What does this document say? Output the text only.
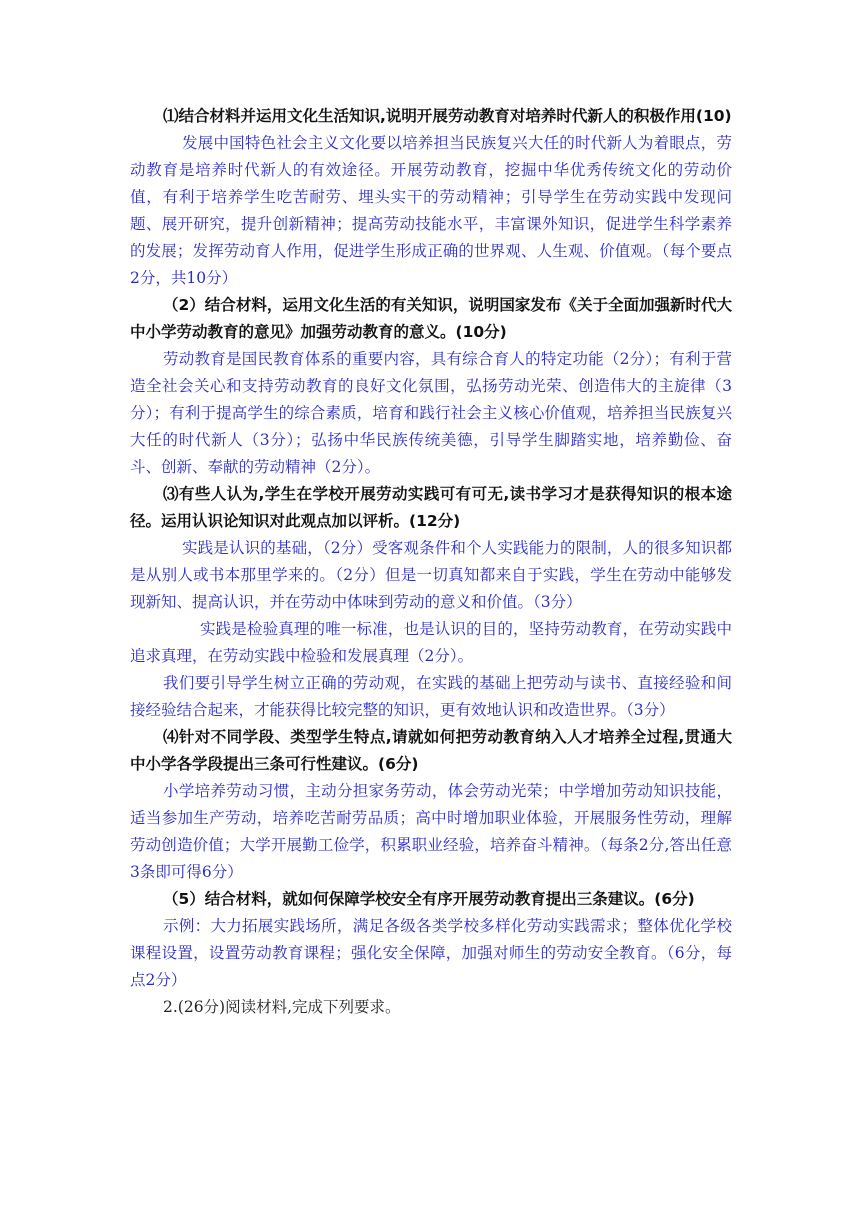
⑴结合材料并运用文化生活知识,说明开展劳动教育对培养时代新人的积极作用(10)

发展中国特色社会主义文化要以培养担当民族复兴大任的时代新人为着眼点，劳动教育是培养时代新人的有效途径。开展劳动教育，挖掘中华优秀传统文化的劳动价值，有利于培养学生吃苦耐劳、埋头实干的劳动精神；引导学生在劳动实践中发现问题、展开研究，提升创新精神；提高劳动技能水平，丰富课外知识，促进学生科学素养的发展；发挥劳动育人作用，促进学生形成正确的世界观、人生观、价值观。（每个要点2分，共10分）

（2）结合材料，运用文化生活的有关知识，说明国家发布《关于全面加强新时代大中小学劳动教育的意见》加强劳动教育的意义。(10分)

劳动教育是国民教育体系的重要内容，具有综合育人的特定功能（2分）；有利于营造全社会关心和支持劳动教育的良好文化氛围，弘扬劳动光荣、创造伟大的主旋律（3分）；有利于提高学生的综合素质，培育和践行社会主义核心价值观，培养担当民族复兴大任的时代新人（3分）；弘扬中华民族传统美德，引导学生脚踏实地，培养勤俭、奋斗、创新、奉献的劳动精神（2分）。

⑶有些人认为,学生在学校开展劳动实践可有可无,读书学习才是获得知识的根本途径。运用认识论知识对此观点加以评析。(12分)

实践是认识的基础，（2分）受客观条件和个人实践能力的限制，人的很多知识都是从别人或书本那里学来的。（2分）但是一切真知都来自于实践，学生在劳动中能够发现新知、提高认识，并在劳动中体味到劳动的意义和价值。（3分）

实践是检验真理的唯一标准，也是认识的目的，坚持劳动教育，在劳动实践中追求真理，在劳动实践中检验和发展真理（2分）。

我们要引导学生树立正确的劳动观，在实践的基础上把劳动与读书、直接经验和间接经验结合起来，才能获得比较完整的知识，更有效地认识和改造世界。（3分）

⑷针对不同学段、类型学生特点,请就如何把劳动教育纳入人才培养全过程,贯通大中小学各学段提出三条可行性建议。(6分)

小学培养劳动习惯，主动分担家务劳动，体会劳动光荣；中学增加劳动知识技能，适当参加生产劳动，培养吃苦耐劳品质；高中时增加职业体验，开展服务性劳动，理解劳动创造价值；大学开展勤工俭学，积累职业经验，培养奋斗精神。（每条2分,答出任意3条即可得6分）

（5）结合材料，就如何保障学校安全有序开展劳动教育提出三条建议。(6分)

示例：大力拓展实践场所，满足各级各类学校多样化劳动实践需求；整体优化学校课程设置，设置劳动教育课程；强化安全保障，加强对师生的劳动安全教育。（6分，每点2分）

2.(26分)阅读材料,完成下列要求。
